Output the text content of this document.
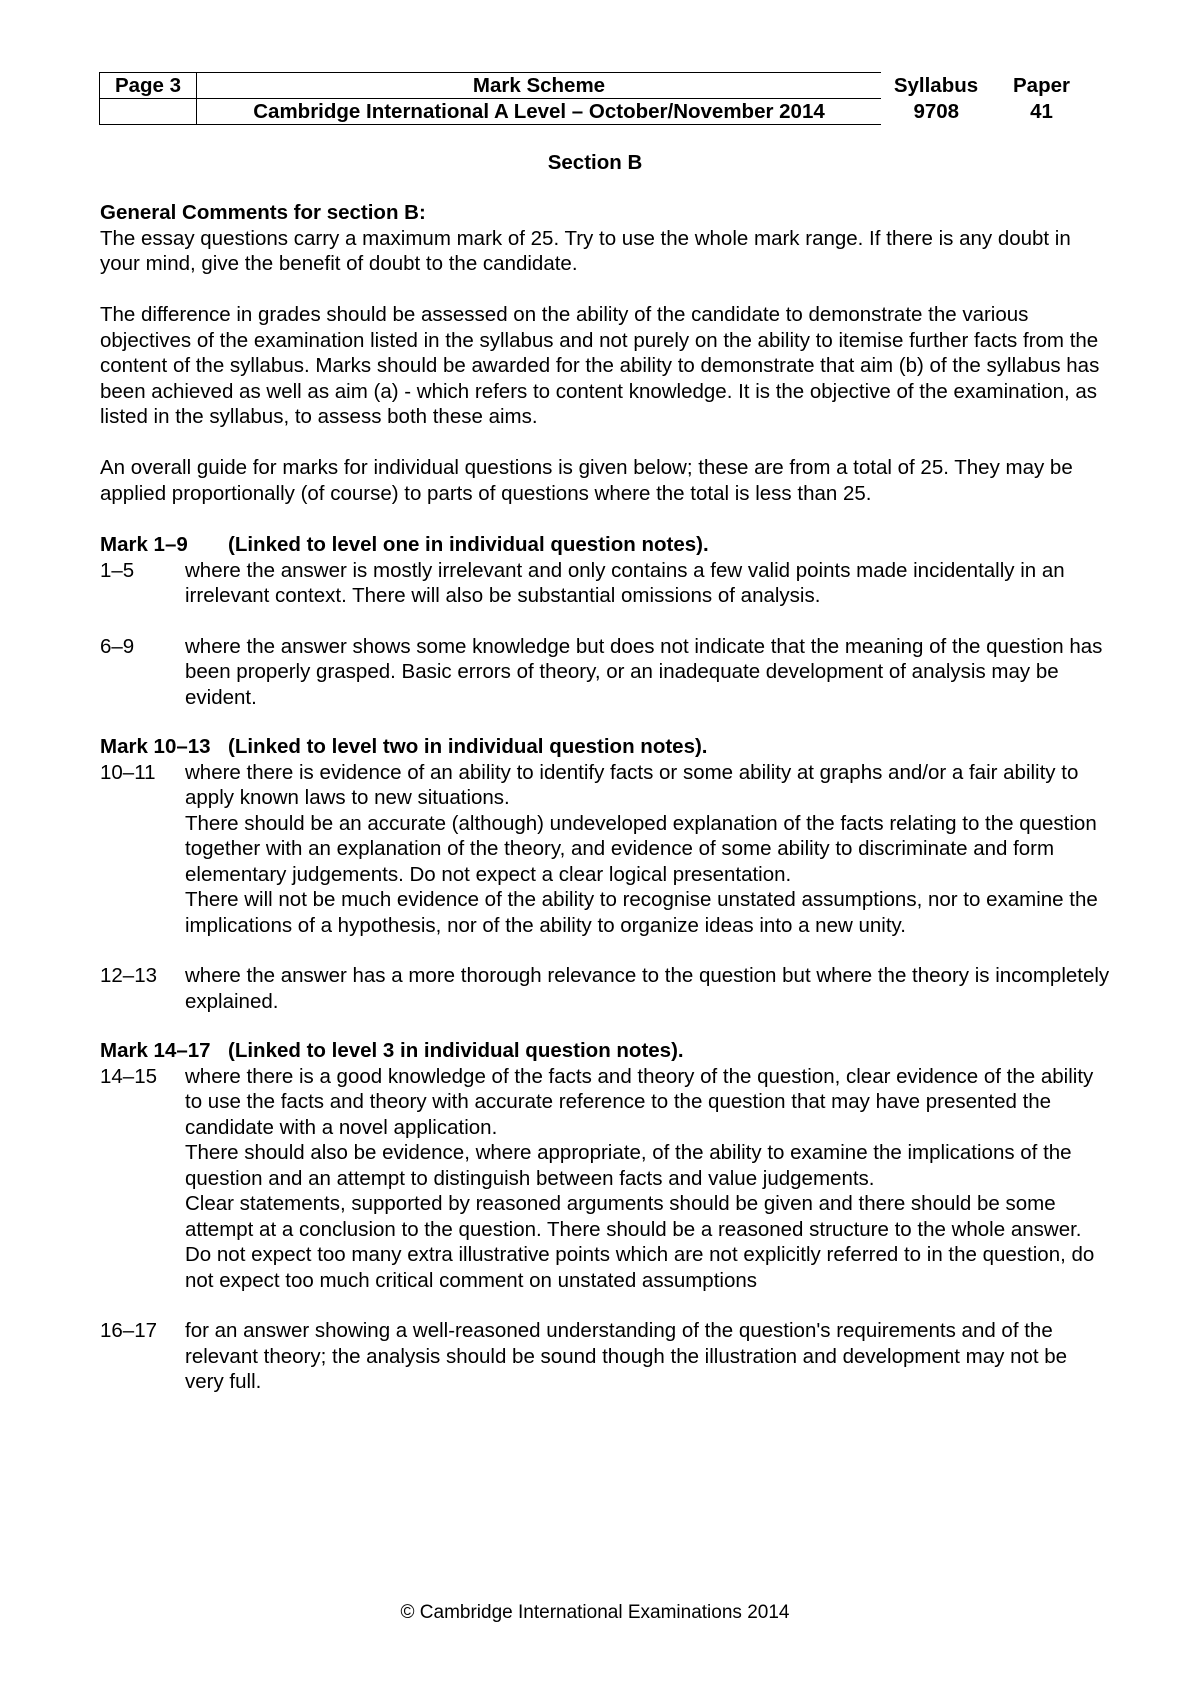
Page 3	Mark Scheme	Syllabus	Paper
	Cambridge International A Level – October/November 2014	9708	41
Section B

General Comments for section B:

The essay questions carry a maximum mark of 25. Try to use the whole mark range. If there is any doubt in your mind, give the benefit of doubt to the candidate.

The difference in grades should be assessed on the ability of the candidate to demonstrate the various objectives of the examination listed in the syllabus and not purely on the ability to itemise further facts from the content of the syllabus. Marks should be awarded for the ability to demonstrate that aim (b) of the syllabus has been achieved as well as aim (a) - which refers to content knowledge. It is the objective of the examination, as listed in the syllabus, to assess both these aims.

An overall guide for marks for individual questions is given below; these are from a total of 25. They may be applied proportionally (of course) to parts of questions where the total is less than 25.

Mark 1–9	(Linked to level one in individual question notes).
1–5	where the answer is mostly irrelevant and only contains a few valid points made incidentally in an irrelevant context. There will also be substantial omissions of analysis.
6–9	where the answer shows some knowledge but does not indicate that the meaning of the question has been properly grasped. Basic errors of theory, or an inadequate development of analysis may be evident.
Mark 10–13 (Linked to level two in individual question notes).
10–11	where there is evidence of an ability to identify facts or some ability at graphs and/or a fair ability to apply known laws to new situations.
There should be an accurate (although) undeveloped explanation of the facts relating to the question together with an explanation of the theory, and evidence of some ability to discriminate and form elementary judgements. Do not expect a clear logical presentation.
There will not be much evidence of the ability to recognise unstated assumptions, nor to examine the implications of a hypothesis, nor of the ability to organize ideas into a new unity.
12–13	where the answer has a more thorough relevance to the question but where the theory is incompletely explained.
Mark 14–17 (Linked to level 3 in individual question notes).
14–15	where there is a good knowledge of the facts and theory of the question, clear evidence of the ability to use the facts and theory with accurate reference to the question that may have presented the candidate with a novel application.
There should also be evidence, where appropriate, of the ability to examine the implications of the question and an attempt to distinguish between facts and value judgements.
Clear statements, supported by reasoned arguments should be given and there should be some attempt at a conclusion to the question. There should be a reasoned structure to the whole answer. Do not expect too many extra illustrative points which are not explicitly referred to in the question, do not expect too much critical comment on unstated assumptions
16–17	for an answer showing a well-reasoned understanding of the question's requirements and of the relevant theory; the analysis should be sound though the illustration and development may not be very full.
© Cambridge International Examinations 2014
